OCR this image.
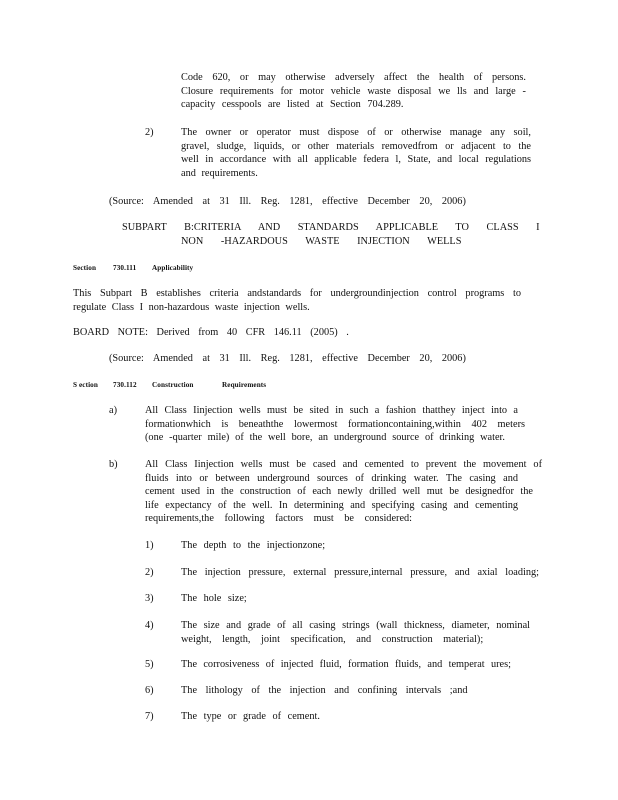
Code 620, or may otherwise adversely affect the health of persons.
Closure requirements for motor vehicle waste disposal we lls and large -
capacity cesspools are listed at Section 704.289.
2)	The owner or operator must dispose of or otherwise manage any soil,
gravel, sludge, liquids, or other materials removedfrom or adjacent to the
well in accordance with all applicable federa l, State, and local regulations
and requirements.
(Source: Amended at 31 Ill. Reg. 1281, effective December 20, 2006)
SUBPART B:CRITERIA AND STANDARDS APPLICABLE TO CLASS I
NON -HAZARDOUS WASTE INJECTION WELLS
Section 730.111 Applicability
This Subpart B establishes criteria andstandards for undergroundinjection control programs to
regulate Class I non-hazardous waste injection wells.
BOARD NOTE: Derived from 40 CFR 146.11 (2005) .
(Source: Amended at 31 Ill. Reg. 1281, effective December 20, 2006)
S ection 730.112 Construction	Requirements
a)	All Class Iinjection wells must be sited in such a fashion thatthey inject into a
formationwhich is beneaththe lowermost formationcontaining,within 402 meters
(one -quarter mile) of the well bore, an underground source of drinking water.
b)	All Class Iinjection wells must be cased and cemented to prevent the movement of
fluids into or between underground sources of drinking water. The casing and
cement used in the construction of each newly drilled well mut be designedfor the
life expectancy of the well. In determining and specifying casing and cementing
requirements,the following factors must be considered:
1)	The depth to the injectionzone;
2)	The injection pressure, external pressure,internal pressure, and axial loading;
3)	The hole size;
4)	The size and grade of all casing strings (wall thickness, diameter, nominal
weight, length, joint specification, and construction material);
5)	The corrosiveness of injected fluid, formation fluids, and temperat ures;
6)	The lithology of the injection and confining intervals ;and
7)	The type or grade of cement.
